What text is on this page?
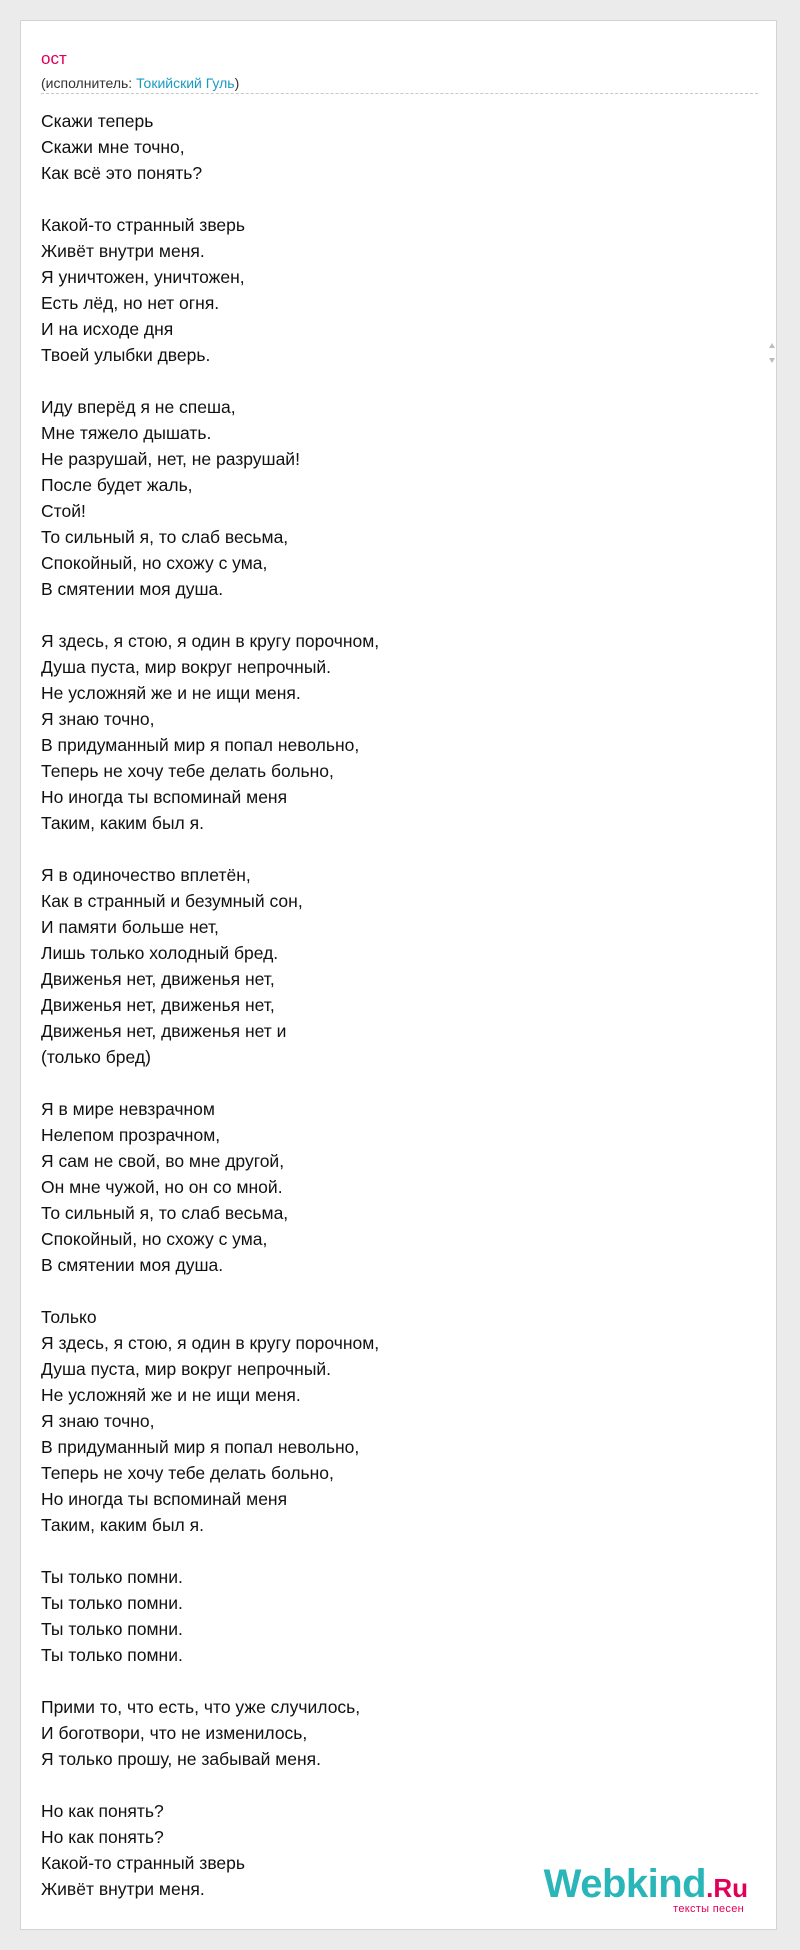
ост
(исполнитель: Токийский Гуль)
Скажи теперь
Скажи мне точно,
Как всё это понять?
Какой-то странный зверь
Живёт внутри меня.
Я уничтожен, уничтожен,
Есть лёд, но нет огня.
И на исходе дня
Твоей улыбки дверь.
Иду вперёд я не спеша,
Мне тяжело дышать.
Не разрушай, нет, не разрушай!
После будет жаль,
Стой!
То сильный я, то слаб весьма,
Спокойный, но схожу с ума,
В смятении моя душа.
Я здесь, я стою, я один в кругу порочном,
Душа пуста, мир вокруг непрочный.
Не усложняй же и не ищи меня.
Я знаю точно,
В придуманный мир я попал невольно,
Теперь не хочу тебе делать больно,
Но иногда ты вспоминай меня
Таким, каким был я.
Я в одиночество вплетён,
Как в странный и безумный сон,
И памяти больше нет,
Лишь только холодный бред.
Движенья нет, движенья нет,
Движенья нет, движенья нет,
Движенья нет, движенья нет и
(только бред)
Я в мире невзрачном
Нелепом прозрачном,
Я сам не свой, во мне другой,
Он мне чужой, но он со мной.
То сильный я, то слаб весьма,
Спокойный, но схожу с ума,
В смятении моя душа.
Только
Я здесь, я стою, я один в кругу порочном,
Душа пуста, мир вокруг непрочный.
Не усложняй же и не ищи меня.
Я знаю точно,
В придуманный мир я попал невольно,
Теперь не хочу тебе делать больно,
Но иногда ты вспоминай меня
Таким, каким был я.
Ты только помни.
Ты только помни.
Ты только помни.
Ты только помни.
Прими то, что есть, что уже случилось,
И боготвори, что не изменилось,
Я только прошу, не забывай меня.
Но как понять?
Но как понять?
Какой-то странный зверь
Живёт внутри меня.	Webkind.Ru
тексты песен
